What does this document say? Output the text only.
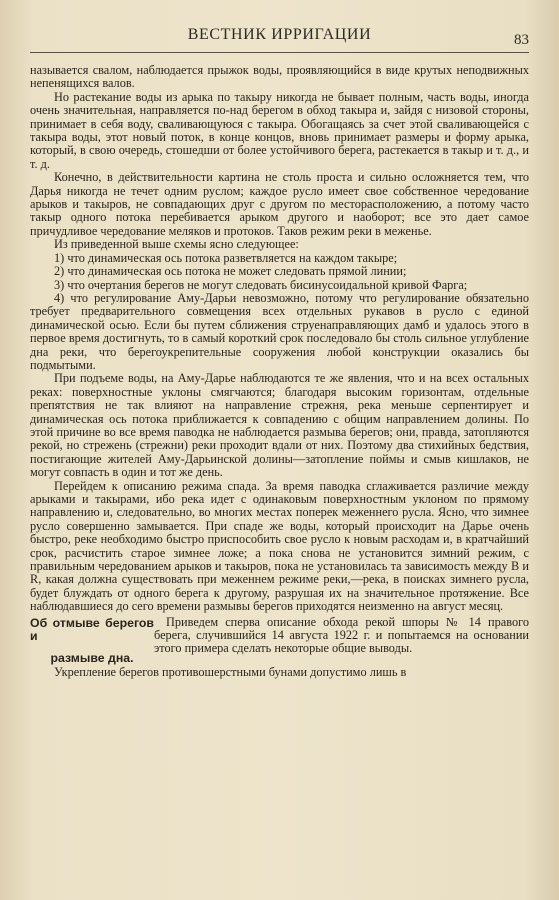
ВЕСТНИК ИРРИГАЦИИ	83

называется свалом, наблюдается прыжок воды, проявляющийся в виде крутых неподвижных непенящихся валов.

Но растекание воды из арыка по такыру никогда не бывает полным, часть воды, иногда очень значительная, направляется по-над берегом в обход такыра и, зайдя с низовой стороны, принимает в себя воду, сваливающуюся с такыра. Обогащаясь за счет этой сваливающейся с такыра воды, этот новый поток, в конце концов, вновь принимает размеры и форму арыка, который, в свою очередь, стошедши от более устойчивого берега, растекается в такыр и т. д., и т. д.

Конечно, в действительности картина не столь проста и сильно осложняется тем, что Дарья никогда не течет одним руслом; каждое русло имеет свое собственное чередование арыков и такыров, не совпадающих друг с другом по месторасположению, а потому часто такыр одного потока перебивается арыком другого и наоборот; все это дает самое причудливое чередование меляков и протоков. Таков режим реки в меженье.

Из приведенной выше схемы ясно следующее:

1) что динамическая ось потока разветвляется на каждом такыре;
2) что динамическая ось потока не может следовать прямой линии;
3) что очертания берегов не могут следовать бисинусоидальной кривой Фарга;
4) что регулирование Аму-Дарьи невозможно, потому что регулирование обязательно требует предварительного совмещения всех отдельных рукавов в русло с единой динамической осью. Если бы путем сближения струенаправляющих дамб и удалось этого в первое время достигнуть, то в самый короткий срок последовало бы столь сильное углубление дна реки, что берегоукрепительные сооружения любой конструкции оказались бы подмытыми.

При подъеме воды, на Аму-Дарье наблюдаются те же явления, что и на всех остальных реках: поверхностные уклоны смягчаются; благодаря высоким горизонтам, отдельные препятствия не так влияют на направление стрежня, река меньше серпентирует и динамическая ось потока приближается к совпадению с общим направлением долины. По этой причине во все время паводка не наблюдается размыва берегов; они, правда, затопляются рекой, но стрежень (стрежни) реки проходит вдали от них. Поэтому два стихийных бедствия, постигающие жителей Аму-Дарьинской долины—затопление поймы и смыв кишлаков, не могут совпасть в один и тот же день.

Перейдем к описанию режима спада. За время паводка сглаживается различие между арыками и такырами, ибо река идет с одинаковым поверхностным уклоном по прямому направлению и, следовательно, во многих местах поперек меженнего русла. Ясно, что зимнее русло совершенно замывается. При спаде же воды, который происходит на Дарье очень быстро, реке необходимо быстро приспособить свое русло к новым расходам и, в кратчайший срок, расчистить старое зимнее ложе; а пока снова не установится зимний режим, с правильным чередованием арыков и такыров, пока не установилась та зависимость между B и R, какая должна существовать при меженнем режиме реки,—река, в поисках зимнего русла, будет блуждать от одного берега к другому, разрушая их на значительное протяжение. Все наблюдавшиеся до сего времени размывы берегов приходятся неизменно на август месяц.

Об отмыве берегов и
размыве дна.

Приведем сперва описание обхода рекой шпоры № 14 правого берега, случившийся 14 августа 1922 г. и попытаемся на основании этого примера сделать некоторые общие выводы.

Укрепление берегов противошерстными бунами допустимо лишь в
